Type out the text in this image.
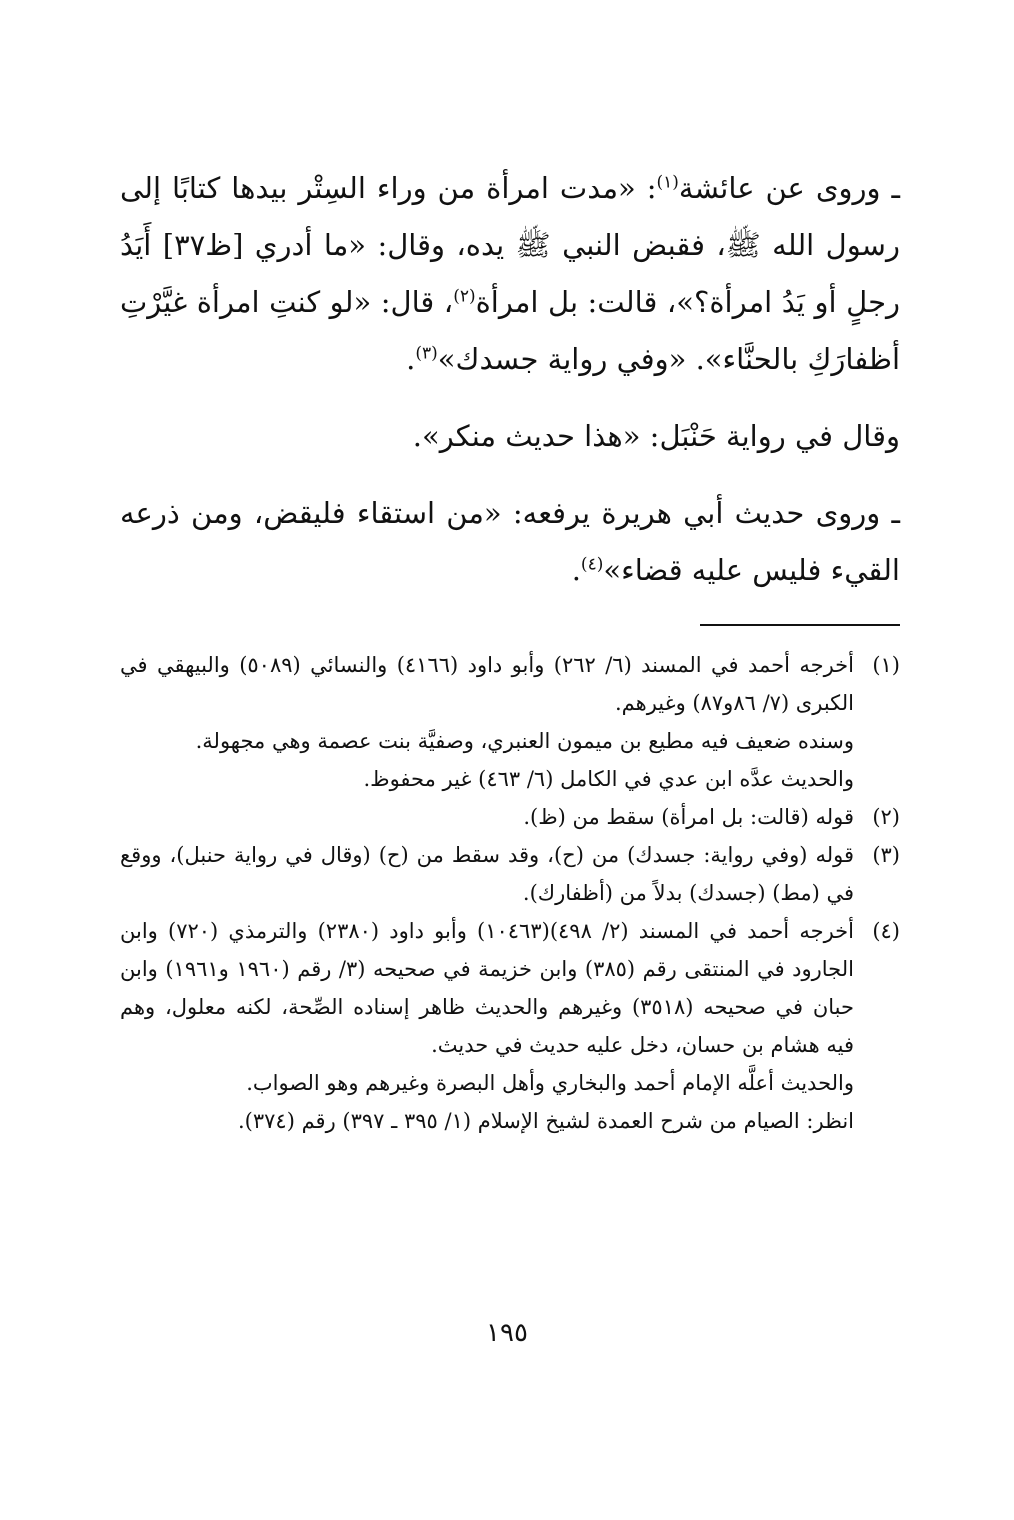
ـ وروى عن عائشة$^{(١)}$: «مدت امرأة من وراء السِتْر بيدها كتابًا إلى رسول الله ﷺ، فقبض النبي ﷺ يده، وقال: «ما أدري [ظ٣٧] أَيَدُ رجلٍ أو يَدُ امرأة؟»، قالت: بل امرأة$^{(٢)}$، قال: «لو كنتِ امرأة غيَّرْتِ أظفارَكِ بالحنَّاء». «وفي رواية جسدك»$^{(٣)}$.

وقال في رواية حَنْبَل: «هذا حديث منكر».

ـ وروى حديث أبي هريرة يرفعه: «من استقاء فليقض، ومن ذرعه القيء فليس عليه قضاء»$^{(٤)}$.

(١)

أخرجه أحمد في المسند (٦/ ٢٦٢) وأبو داود (٤١٦٦) والنسائي (٥٠٨٩) والبيهقي في الكبرى (٧/ ٨٦و٨٧) وغيرهم.

وسنده ضعيف فيه مطيع بن ميمون العنبري، وصفيَّة بنت عصمة وهي مجهولة.

والحديث عدَّه ابن عدي في الكامل (٦/ ٤٦٣) غير محفوظ.

(٢)

قوله (قالت: بل امرأة) سقط من (ظ).

(٣)

قوله (وفي رواية: جسدك) من (ح)، وقد سقط من (ح) (وقال في رواية حنبل)، ووقع في (مط) (جسدك) بدلاً من (أظفارك).

(٤)

أخرجه أحمد في المسند (٢/ ٤٩٨)(١٠٤٦٣) وأبو داود (٢٣٨٠) والترمذي (٧٢٠) وابن الجارود في المنتقى رقم (٣٨٥) وابن خزيمة في صحيحه (٣/ رقم (١٩٦٠ و١٩٦١) وابن حبان في صحيحه (٣٥١٨) وغيرهم والحديث ظاهر إسناده الصِّحة، لكنه معلول، وهم فيه هشام بن حسان، دخل عليه حديث في حديث.

والحديث أعلَّه الإمام أحمد والبخاري وأهل البصرة وغيرهم وهو الصواب.

انظر: الصيام من شرح العمدة لشيخ الإسلام (١/ ٣٩٥ ـ ٣٩٧) رقم (٣٧٤).

١٩٥
